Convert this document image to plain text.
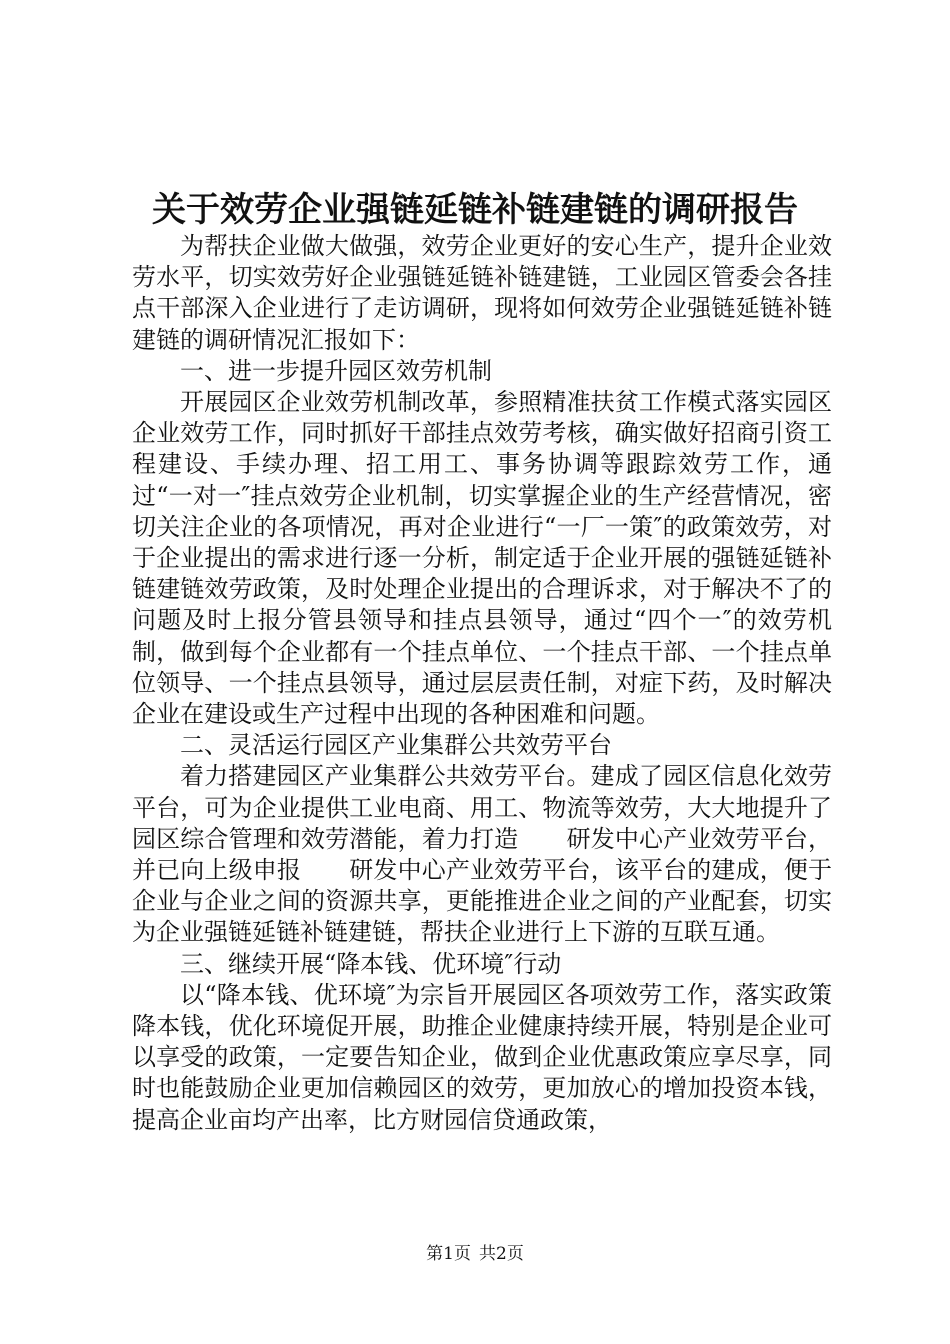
关于效劳企业强链延链补链建链的调研报告

为帮扶企业做大做强，效劳企业更好的安心生产，提升企业效劳水平，切实效劳好企业强链延链补链建链，工业园区管委会各挂点干部深入企业进行了走访调研，现将如何效劳企业强链延链补链建链的调研情况汇报如下：

一、进一步提升园区效劳机制

开展园区企业效劳机制改革，参照精准扶贫工作模式落实园区企业效劳工作，同时抓好干部挂点效劳考核，确实做好招商引资工程建设、手续办理、招工用工、事务协调等跟踪效劳工作，通过“一对一″挂点效劳企业机制，切实掌握企业的生产经营情况，密切关注企业的各项情况，再对企业进行“一厂一策″的政策效劳，对于企业提出的需求进行逐一分析，制定适于企业开展的强链延链补链建链效劳政策，及时处理企业提出的合理诉求，对于解决不了的问题及时上报分管县领导和挂点县领导，通过“四个一″的效劳机制，做到每个企业都有一个挂点单位、一个挂点干部、一个挂点单位领导、一个挂点县领导，通过层层责任制，对症下药，及时解决企业在建设或生产过程中出现的各种困难和问题。

二、灵活运行园区产业集群公共效劳平台

着力搭建园区产业集群公共效劳平台。建成了园区信息化效劳平台，可为企业提供工业电商、用工、物流等效劳，大大地提升了园区综合管理和效劳潜能，着力打造　　研发中心产业效劳平台，并已向上级申报　　研发中心产业效劳平台，该平台的建成，便于企业与企业之间的资源共享，更能推进企业之间的产业配套，切实为企业强链延链补链建链，帮扶企业进行上下游的互联互通。

三、继续开展“降本钱、优环境″行动

以“降本钱、优环境″为宗旨开展园区各项效劳工作，落实政策降本钱，优化环境促开展，助推企业健康持续开展，特别是企业可以享受的政策，一定要告知企业，做到企业优惠政策应享尽享，同时也能鼓励企业更加信赖园区的效劳，更加放心的增加投资本钱，提高企业亩均产出率，比方财园信贷通政策，

第1页 共2页
